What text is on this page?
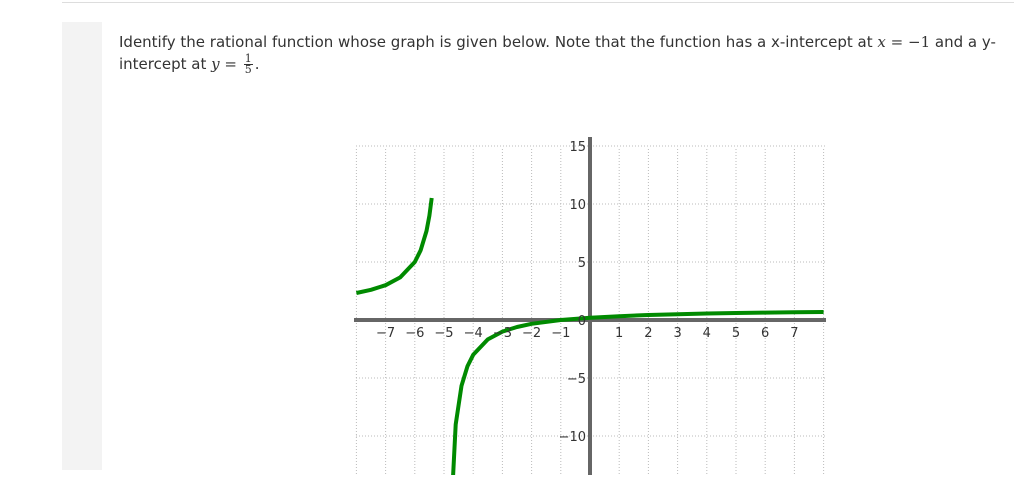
Identify the rational function whose graph is given below. Note that the function has a x-intercept at x = −1 and a y-intercept at $y = \frac{1}{5}$ .
−7 −6 −5 −4 −3 −2 −1	1 2 3 4 5 6 7
15
10
5
0
−5
−10
